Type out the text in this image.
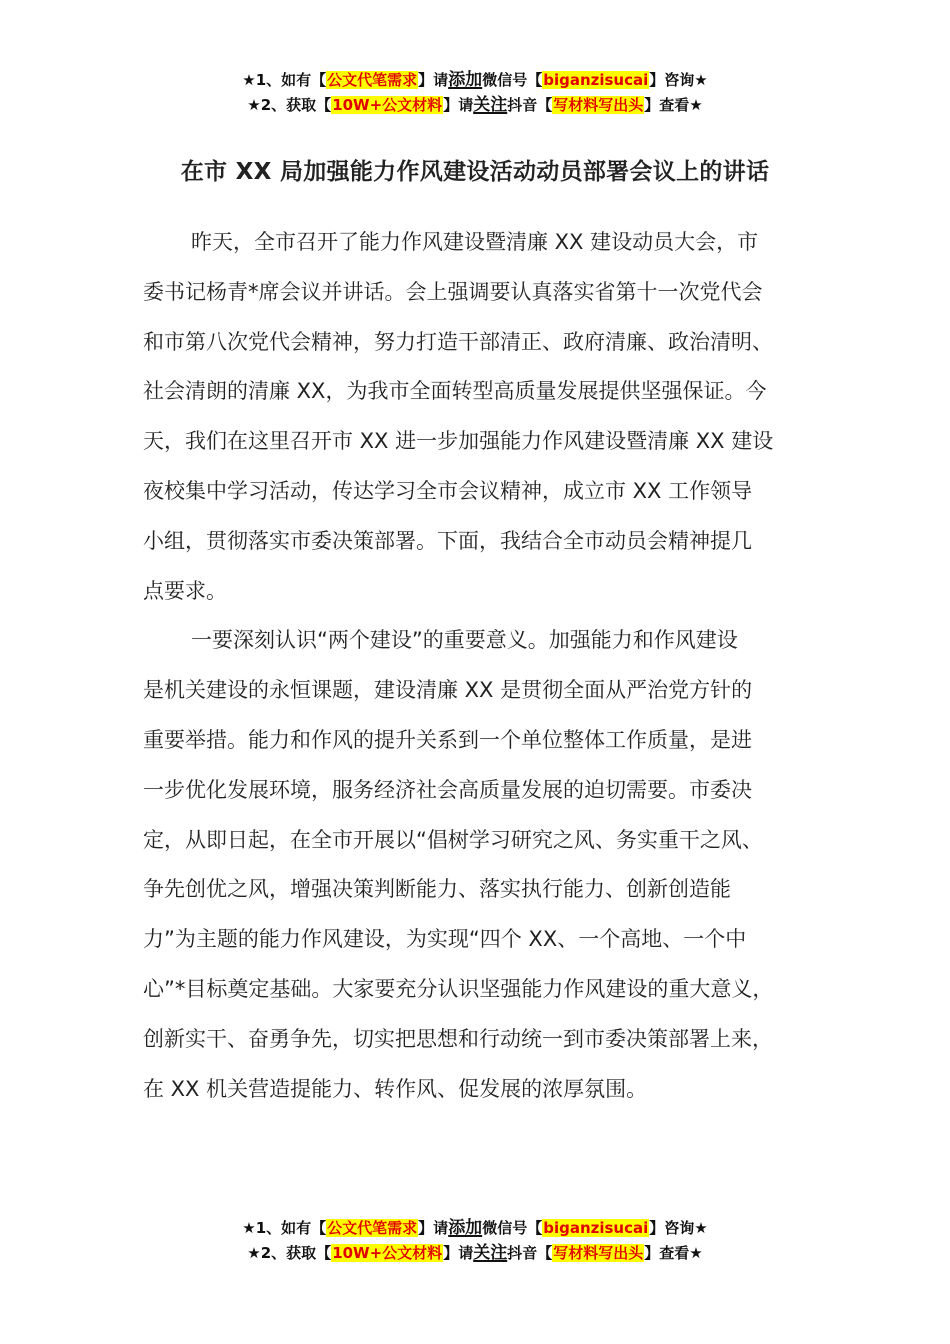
★1、如有【公文代笔需求】请添加微信号【biganzisucai】咨询★
★2、获取【10W+公文材料】请关注抖音【写材料写出头】查看★
在市 XX 局加强能力作风建设活动动员部署会议上的讲话
昨天，全市召开了能力作风建设暨清廉 XX 建设动员大会，市
委书记杨青*席会议并讲话。会上强调要认真落实省第十一次党代会
和市第八次党代会精神，努力打造干部清正、政府清廉、政治清明、
社会清朗的清廉 XX，为我市全面转型高质量发展提供坚强保证。今
天，我们在这里召开市 XX 进一步加强能力作风建设暨清廉 XX 建设
夜校集中学习活动，传达学习全市会议精神，成立市 XX 工作领导
小组，贯彻落实市委决策部署。下面，我结合全市动员会精神提几
点要求。
一要深刻认识“两个建设”的重要意义。加强能力和作风建设
是机关建设的永恒课题，建设清廉 XX 是贯彻全面从严治党方针的
重要举措。能力和作风的提升关系到一个单位整体工作质量，是进
一步优化发展环境，服务经济社会高质量发展的迫切需要。市委决
定，从即日起，在全市开展以“倡树学习研究之风、务实重干之风、
争先创优之风，增强决策判断能力、落实执行能力、创新创造能
力”为主题的能力作风建设，为实现“四个 XX、一个高地、一个中
心”*目标奠定基础。大家要充分认识坚强能力作风建设的重大意义，
创新实干、奋勇争先，切实把思想和行动统一到市委决策部署上来，
在 XX 机关营造提能力、转作风、促发展的浓厚氛围。
★1、如有【公文代笔需求】请添加微信号【biganzisucai】咨询★
★2、获取【10W+公文材料】请关注抖音【写材料写出头】查看★
